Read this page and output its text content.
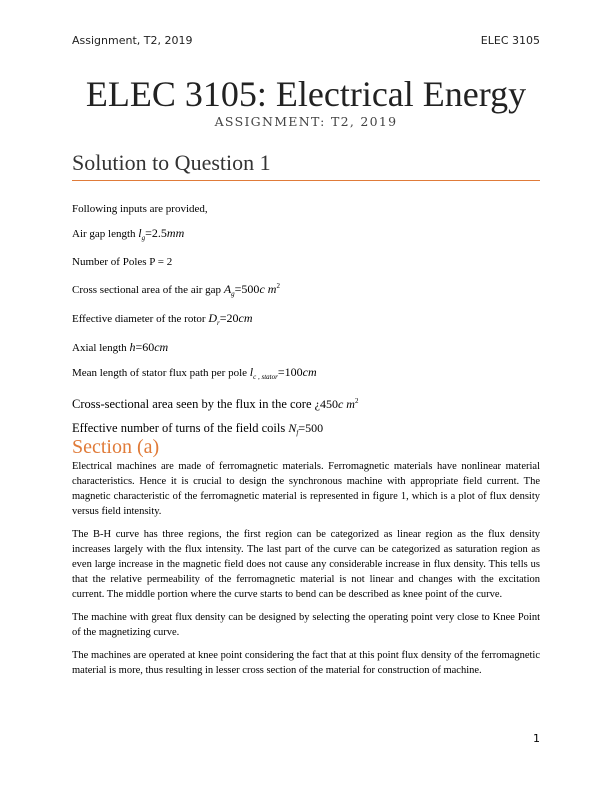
Assignment, T2, 2019	ELEC 3105
ELEC 3105: Electrical Energy
ASSIGNMENT: T2, 2019
Solution to Question 1
Following inputs are provided,
Air gap length $l_g=2.5mm$
Number of Poles P = 2
Cross sectional area of the air gap $A_g=500c$ $m^2$
Effective diameter of the rotor $D_r=20cm$
Axial length h=60cm
Mean length of stator flux path per pole $l_{c , stator}=100cm$
Cross-sectional area seen by the flux in the core ¿450c $m^2$
Effective number of turns of the field coils $N_f=500$
Section (a)

Electrical machines are made of ferromagnetic materials. Ferromagnetic materials have nonlinear material characteristics. Hence it is crucial to design the synchronous machine with appropriate field current. The magnetic characteristic of the ferromagnetic material is represented in figure 1, which is a plot of flux density versus field intensity.

The B-H curve has three regions, the first region can be categorized as linear region as the flux density increases largely with the flux intensity. The last part of the curve can be categorized as saturation region as even large increase in the magnetic field does not cause any considerable increase in flux density. This tells us that the relative permeability of the ferromagnetic material is not linear and changes with the excitation current. The middle portion where the curve starts to bend can be described as knee point of the curve.

The machine with great flux density can be designed by selecting the operating point very close to Knee Point of the magnetizing curve.

The machines are operated at knee point considering the fact that at this point flux density of the ferromagnetic material is more, thus resulting in lesser cross section of the material for construction of machine.

1
